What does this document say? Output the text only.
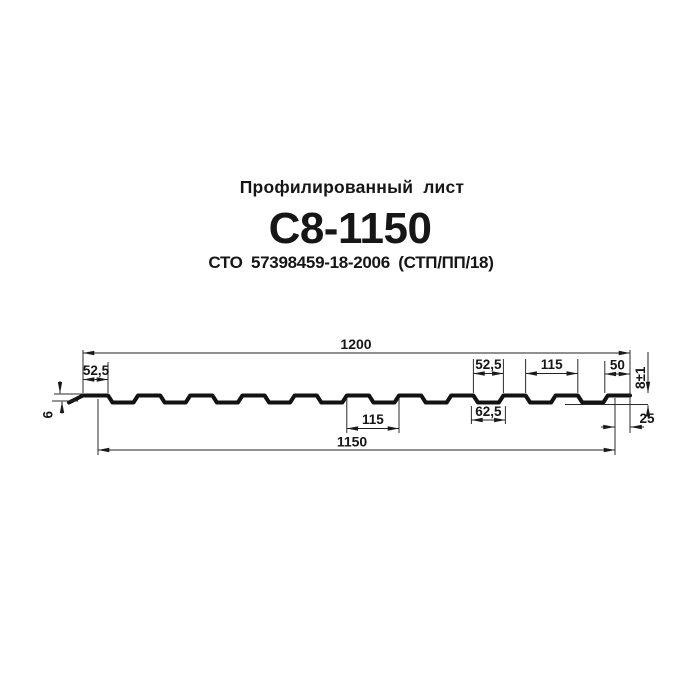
Профилированный лист
С8-1150
СТО 57398459-18-2006 (СТП/ПП/18)
1200
52,5	52,5	115	50
62,5
115
1150
25
6
8±1
